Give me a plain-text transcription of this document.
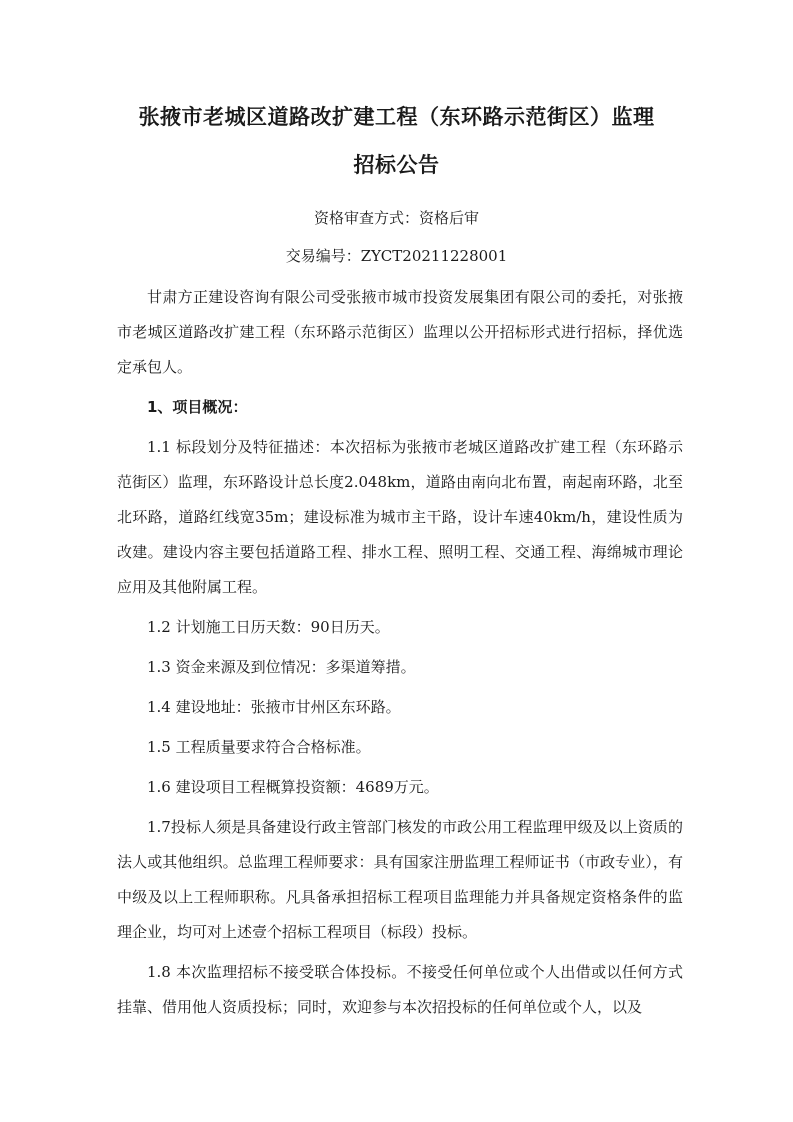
张掖市老城区道路改扩建工程（东环路示范街区）监理
招标公告
资格审查方式：资格后审
交易编号：ZYCT20211228001

甘肃方正建设咨询有限公司受张掖市城市投资发展集团有限公司的委托，对张掖市老城区道路改扩建工程（东环路示范街区）监理以公开招标形式进行招标，择优选定承包人。

1、项目概况：

1.1 标段划分及特征描述：本次招标为张掖市老城区道路改扩建工程（东环路示范街区）监理，东环路设计总长度2.048km，道路由南向北布置，南起南环路，北至北环路，道路红线宽35m；建设标准为城市主干路，设计车速40km/h，建设性质为改建。建设内容主要包括道路工程、排水工程、照明工程、交通工程、海绵城市理论应用及其他附属工程。

1.2 计划施工日历天数：90日历天。

1.3 资金来源及到位情况：多渠道筹措。

1.4 建设地址：张掖市甘州区东环路。

1.5 工程质量要求符合合格标准。

1.6 建设项目工程概算投资额：4689万元。

1.7投标人须是具备建设行政主管部门核发的市政公用工程监理甲级及以上资质的法人或其他组织。总监理工程师要求：具有国家注册监理工程师证书（市政专业），有中级及以上工程师职称。凡具备承担招标工程项目监理能力并具备规定资格条件的监理企业，均可对上述壹个招标工程项目（标段）投标。

1.8 本次监理招标不接受联合体投标。不接受任何单位或个人出借或以任何方式挂靠、借用他人资质投标；同时，欢迎参与本次招投标的任何单位或个人，以及
